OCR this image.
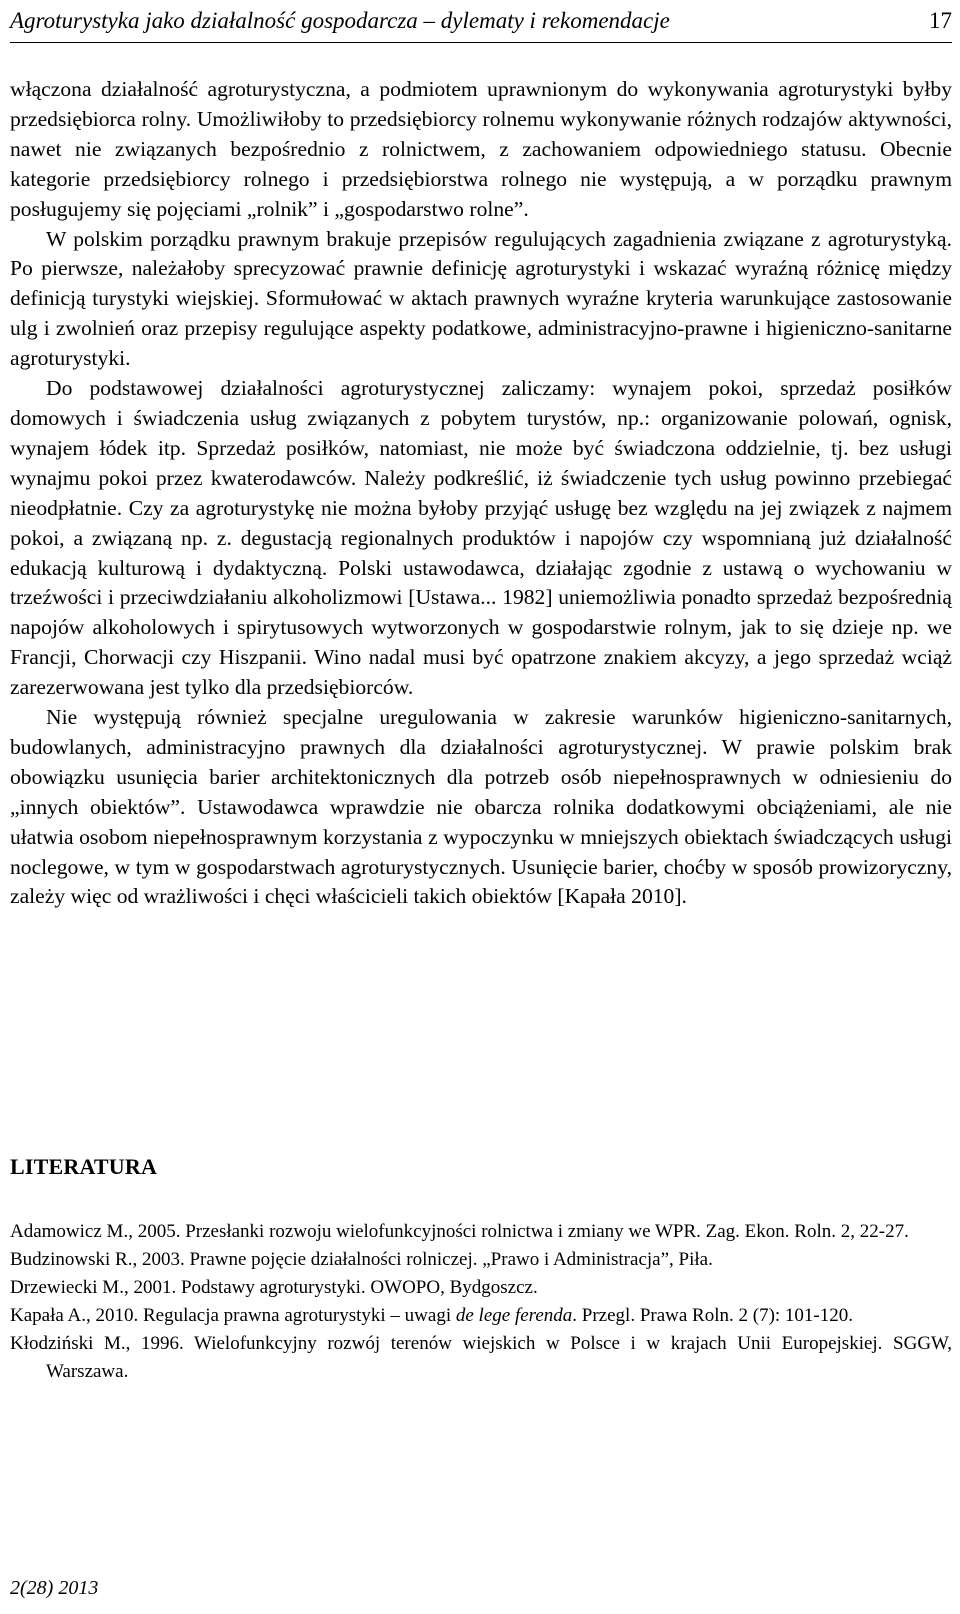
Agroturystyka jako działalność gospodarcza – dylematy i rekomendacje	17

włączona działalność agroturystyczna, a podmiotem uprawnionym do wykonywania agroturystyki byłby przedsiębiorca rolny. Umożliwiłoby to przedsiębiorcy rolnemu wykonywanie różnych rodzajów aktywności, nawet nie związanych bezpośrednio z rolnictwem, z zachowaniem odpowiedniego statusu. Obecnie kategorie przedsiębiorcy rolnego i przedsiębiorstwa rolnego nie występują, a w porządku prawnym posługujemy się pojęciami „rolnik” i „gospodarstwo rolne”.

W polskim porządku prawnym brakuje przepisów regulujących zagadnienia związane z agroturystyką. Po pierwsze, należałoby sprecyzować prawnie definicję agroturystyki i wskazać wyraźną różnicę między definicją turystyki wiejskiej. Sformułować w aktach prawnych wyraźne kryteria warunkujące zastosowanie ulg i zwolnień oraz przepisy regulujące aspekty podatkowe, administracyjno-prawne i higieniczno-sanitarne agroturystyki.

Do podstawowej działalności agroturystycznej zaliczamy: wynajem pokoi, sprzedaż posiłków domowych i świadczenia usług związanych z pobytem turystów, np.: organizowanie polowań, ognisk, wynajem łódek itp. Sprzedaż posiłków, natomiast, nie może być świadczona oddzielnie, tj. bez usługi wynajmu pokoi przez kwaterodawców. Należy podkreślić, iż świadczenie tych usług powinno przebiegać nieodpłatnie. Czy za agroturystykę nie można byłoby przyjąć usługę bez względu na jej związek z najmem pokoi, a związaną np. z. degustacją regionalnych produktów i napojów czy wspomnianą już działalność edukacją kulturową i dydaktyczną. Polski ustawodawca, działając zgodnie z ustawą o wychowaniu w trzeźwości i przeciwdziałaniu alkoholizmowi [Ustawa... 1982] uniemożliwia ponadto sprzedaż bezpośrednią napojów alkoholowych i spirytusowych wytworzonych w gospodarstwie rolnym, jak to się dzieje np. we Francji, Chorwacji czy Hiszpanii. Wino nadal musi być opatrzone znakiem akcyzy, a jego sprzedaż wciąż zarezerwowana jest tylko dla przedsiębiorców.

Nie występują również specjalne uregulowania w zakresie warunków higieniczno-sanitarnych, budowlanych, administracyjno prawnych dla działalności agroturystycznej. W prawie polskim brak obowiązku usunięcia barier architektonicznych dla potrzeb osób niepełnosprawnych w odniesieniu do „innych obiektów”. Ustawodawca wprawdzie nie obarcza rolnika dodatkowymi obciążeniami, ale nie ułatwia osobom niepełnosprawnym korzystania z wypoczynku w mniejszych obiektach świadczących usługi noclegowe, w tym w gospodarstwach agroturystycznych. Usunięcie barier, choćby w sposób prowizoryczny, zależy więc od wrażliwości i chęci właścicieli takich obiektów [Kapała 2010].

LITERATURA
Adamowicz M., 2005. Przesłanki rozwoju wielofunkcyjności rolnictwa i zmiany we WPR. Zag. Ekon. Roln. 2, 22-27.
Budzinowski R., 2003. Prawne pojęcie działalności rolniczej. „Prawo i Administracja”, Piła.
Drzewiecki M., 2001. Podstawy agroturystyki. OWOPO, Bydgoszcz.
Kapała A., 2010. Regulacja prawna agroturystyki – uwagi de lege ferenda. Przegl. Prawa Roln. 2 (7): 101-120.
Kłodziński M., 1996. Wielofunkcyjny rozwój terenów wiejskich w Polsce i w krajach Unii Europejskiej. SGGW, Warszawa.
2(28) 2013
